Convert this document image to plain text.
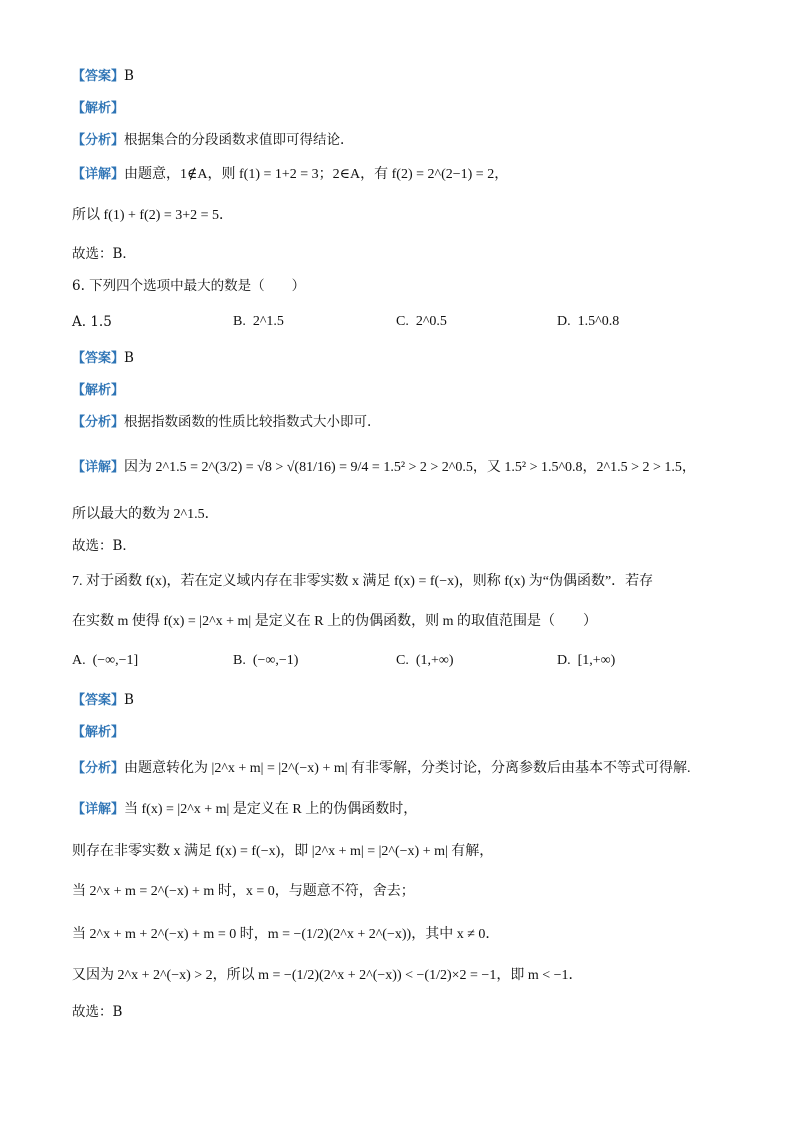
【答案】B
【解析】
【分析】根据集合的分段函数求值即可得结论.
【详解】由题意，1∉A，则 f(1) = 1+2 = 3；2∈A，有 f(2) = 2^(2−1) = 2，
所以 f(1) + f(2) = 3+2 = 5．
故选：B．
6. 下列四个选项中最大的数是（　　）
A. 1.5	B. 2^1.5	C. 2^0.5	D. 1.5^0.8
【答案】B
【解析】
【分析】根据指数函数的性质比较指数式大小即可.
【详解】因为 2^1.5 = 2^(3/2) = √8 > √(81/16) = 9/4 = 1.5² > 2 > 2^0.5，又 1.5² > 1.5^0.8，2^1.5 > 2 > 1.5，
所以最大的数为 2^1.5．
故选：B．
7. 对于函数 f(x)，若在定义域内存在非零实数 x 满足 f(x) = f(−x)，则称 f(x) 为“伪偶函数”．若存
在实数 m 使得 f(x) = |2^x + m| 是定义在 R 上的伪偶函数，则 m 的取值范围是（　　）
A. (−∞,−1]	B. (−∞,−1)	C. (1,+∞)	D. [1,+∞)
【答案】B
【解析】
【分析】由题意转化为 |2^x + m| = |2^(−x) + m| 有非零解，分类讨论，分离参数后由基本不等式可得解.
【详解】当 f(x) = |2^x + m| 是定义在 R 上的伪偶函数时，
则存在非零实数 x 满足 f(x) = f(−x)，即 |2^x + m| = |2^(−x) + m| 有解，
当 2^x + m = 2^(−x) + m 时，x = 0，与题意不符，舍去；
当 2^x + m + 2^(−x) + m = 0 时，m = −(1/2)(2^x + 2^(−x))，其中 x ≠ 0．
又因为 2^x + 2^(−x) > 2，所以 m = −(1/2)(2^x + 2^(−x)) < −(1/2)×2 = −1，即 m < −1．
故选：B
